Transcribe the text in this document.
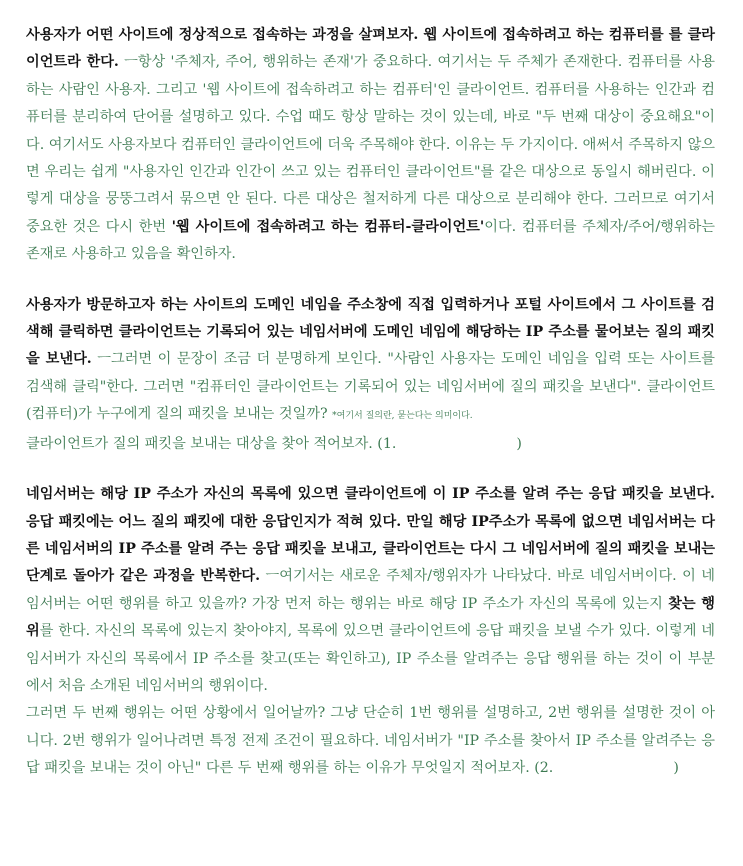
사용자가 어떤 사이트에 정상적으로 접속하는 과정을 살펴보자. 웹 사이트에 접속하려고 하는 컴퓨터를 를 클라이언트라 한다. ㅡ항상 '주체자, 주어, 행위하는 존재'가 중요하다. 여기서는 두 주체가 존재한다. 컴퓨터를 사용하는 사람인 사용자. 그리고 '웹 사이트에 접속하려고 하는 컴퓨터'인 클라이언트. 컴퓨터를 사용하는 인간과 컴퓨터를 분리하여 단어를 설명하고 있다. 수업 때도 항상 말하는 것이 있는데, 바로 "두 번째 대상이 중요해요"이다. 여기서도 사용자보다 컴퓨터인 클라이언트에 더욱 주목해야 한다. 이유는 두 가지이다. 애써서 주목하지 않으면 우리는 쉽게 "사용자인 인간과 인간이 쓰고 있는 컴퓨터인 클라이언트"를 같은 대상으로 동일시 해버린다. 이렇게 대상을 뭉뚱그려서 묶으면 안 된다. 다른 대상은 철저하게 다른 대상으로 분리해야 한다. 그러므로 여기서 중요한 것은 다시 한번 '웹 사이트에 접속하려고 하는 컴퓨터-클라이언트'이다. 컴퓨터를 주체자/주어/행위하는 존재로 사용하고 있음을 확인하자.

사용자가 방문하고자 하는 사이트의 도메인 네임을 주소창에 직접 입력하거나 포털 사이트에서 그 사이트를 검색해 클릭하면 클라이언트는 기록되어 있는 네임서버에 도메인 네임에 해당하는 IP 주소를 물어보는 질의 패킷을 보낸다. ㅡ그러면 이 문장이 조금 더 분명하게 보인다. "사람인 사용자는 도메인 네임을 입력 또는 사이트를 검색해 클릭"한다. 그러면 "컴퓨터인 클라이언트는 기록되어 있는 네임서버에 질의 패킷을 보낸다". 클라이언트(컴퓨터)가 누구에게 질의 패킷을 보내는 것일까? *여기서 질의란, 묻는다는 의미이다.
클라이언트가 질의 패킷을 보내는 대상을 찾아 적어보자. (1.	)

네임서버는 해당 IP 주소가 자신의 목록에 있으면 클라이언트에 이 IP 주소를 알려 주는 응답 패킷을 보낸다. 응답 패킷에는 어느 질의 패킷에 대한 응답인지가 적혀 있다. 만일 해당 IP주소가 목록에 없으면 네임서버는 다른 네임서버의 IP 주소를 알려 주는 응답 패킷을 보내고, 클라이언트는 다시 그 네임서버에 질의 패킷을 보내는 단계로 돌아가 같은 과정을 반복한다. ㅡ여기서는 새로운 주체자/행위자가 나타났다. 바로 네임서버이다. 이 네임서버는 어떤 행위를 하고 있을까? 가장 먼저 하는 행위는 바로 해당 IP 주소가 자신의 목록에 있는지 찾는 행위를 한다. 자신의 목록에 있는지 찾아야지, 목록에 있으면 클라이언트에 응답 패킷을 보낼 수가 있다. 이렇게 네임서버가 자신의 목록에서 IP 주소를 찾고(또는 확인하고), IP 주소를 알려주는 응답 행위를 하는 것이 이 부분에서 처음 소개된 네임서버의 행위이다.
그러면 두 번째 행위는 어떤 상황에서 일어날까? 그냥 단순히 1번 행위를 설명하고, 2번 행위를 설명한 것이 아니다. 2번 행위가 일어나려면 특정 전제 조건이 필요하다. 네임서버가 "IP 주소를 찾아서 IP 주소를 알려주는 응답 패킷을 보내는 것이 아닌" 다른 두 번째 행위를 하는 이유가 무엇일지 적어보자. (2.	)
